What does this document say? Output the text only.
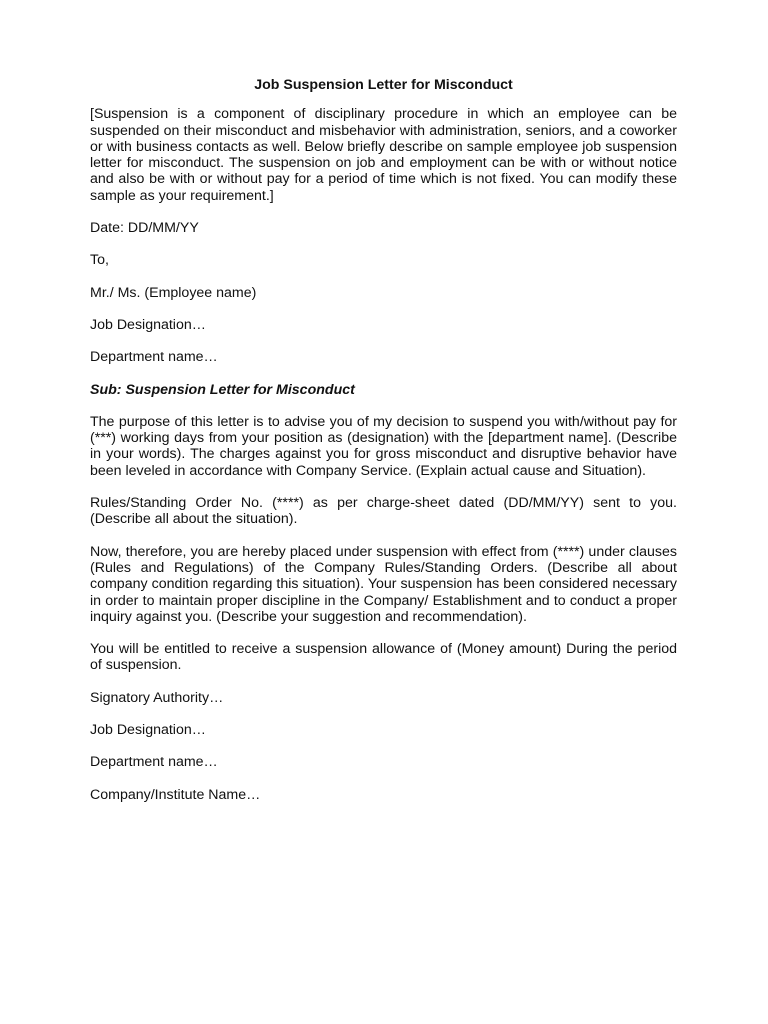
Job Suspension Letter for Misconduct

[Suspension is a component of disciplinary procedure in which an employee can be suspended on their misconduct and misbehavior with administration, seniors, and a coworker or with business contacts as well. Below briefly describe on sample employee job suspension letter for misconduct. The suspension on job and employment can be with or without notice and also be with or without pay for a period of time which is not fixed. You can modify these sample as your requirement.]

Date: DD/MM/YY

To,

Mr./ Ms. (Employee name)

Job Designation…

Department name…

Sub: Suspension Letter for Misconduct

The purpose of this letter is to advise you of my decision to suspend you with/without pay for (***) working days from your position as (designation) with the [department name]. (Describe in your words). The charges against you for gross misconduct and disruptive behavior have been leveled in accordance with Company Service. (Explain actual cause and Situation).

Rules/Standing Order No. (****) as per charge-sheet dated (DD/MM/YY) sent to you. (Describe all about the situation).

Now, therefore, you are hereby placed under suspension with effect from (****) under clauses (Rules and Regulations) of the Company Rules/Standing Orders. (Describe all about company condition regarding this situation). Your suspension has been considered necessary in order to maintain proper discipline in the Company/ Establishment and to conduct a proper inquiry against you. (Describe your suggestion and recommendation).

You will be entitled to receive a suspension allowance of (Money amount) During the period of suspension.

Signatory Authority…

Job Designation…

Department name…

Company/Institute Name…
